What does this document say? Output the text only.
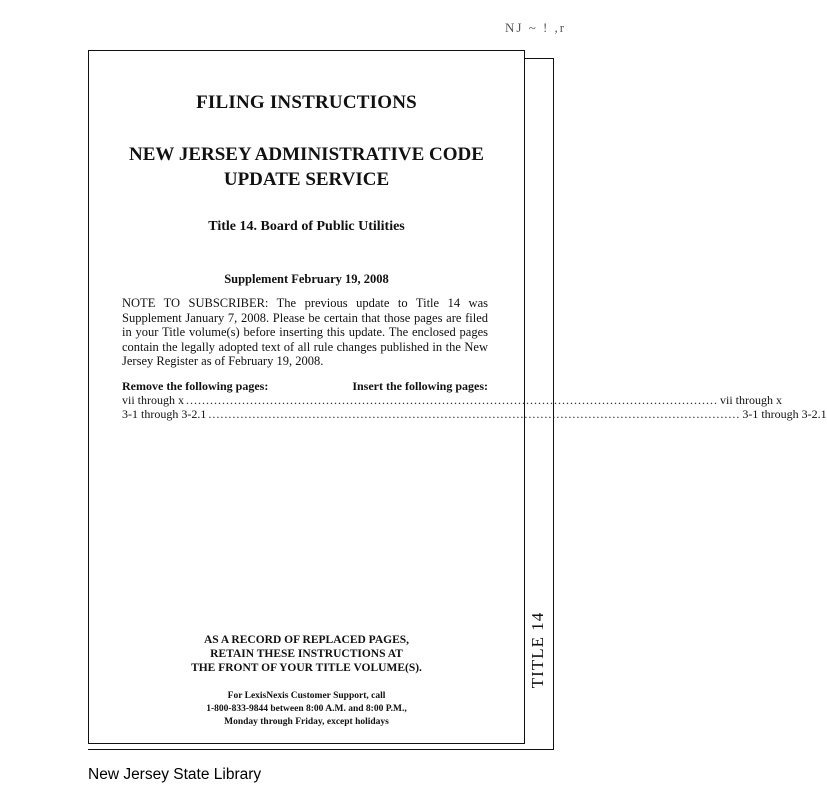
NJ ~ ! ,r
TITLE 14
FILING INSTRUCTIONS
NEW JERSEY ADMINISTRATIVE CODE
UPDATE SERVICE
Title 14. Board of Public Utilities
Supplement February 19, 2008

NOTE TO SUBSCRIBER: The previous update to Title 14 was Supplement January 7, 2008. Please be certain that those pages are filed in your Title volume(s) before inserting this update. The enclosed pages contain the legally adopted text of all rule changes published in the New Jersey Register as of February 19, 2008.

Remove the following pages:	Insert the following pages:
vii through x ..................................................................................................................................... vii through x
3-1 through 3-2.1 ..................................................................................................................................... 3-1 through 3-2.1
AS A RECORD OF REPLACED PAGES,
RETAIN THESE INSTRUCTIONS AT
THE FRONT OF YOUR TITLE VOLUME(S).
For LexisNexis Customer Support, call
1-800-833-9844 between 8:00 A.M. and 8:00 P.M.,
Monday through Friday, except holidays
New Jersey State Library
